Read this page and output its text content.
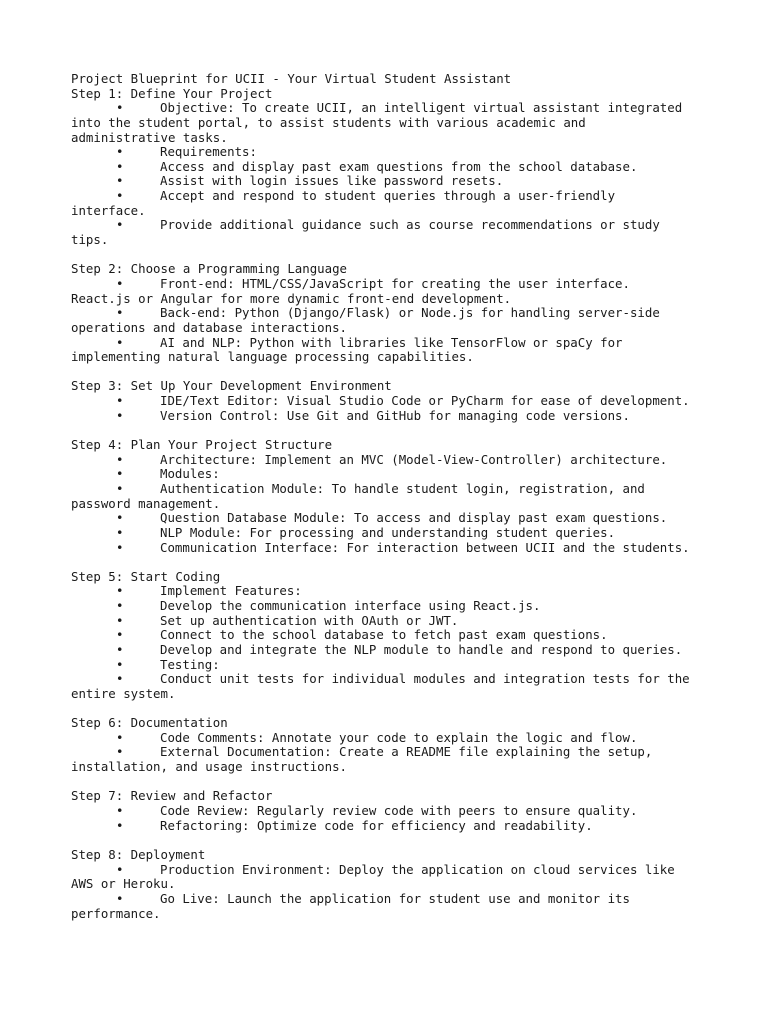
Project Blueprint for UCII - Your Virtual Student Assistant
Step 1: Define Your Project
•	Objective: To create UCII, an intelligent virtual assistant integrated
into the student portal, to assist students with various academic and
administrative tasks.
•	Requirements:
•	Access and display past exam questions from the school database.
•	Assist with login issues like password resets.
•	Accept and respond to student queries through a user-friendly
interface.
•	Provide additional guidance such as course recommendations or study
tips.
Step 2: Choose a Programming Language
•	Front-end: HTML/CSS/JavaScript for creating the user interface.
React.js or Angular for more dynamic front-end development.
•	Back-end: Python (Django/Flask) or Node.js for handling server-side
operations and database interactions.
•	AI and NLP: Python with libraries like TensorFlow or spaCy for
implementing natural language processing capabilities.
Step 3: Set Up Your Development Environment
•	IDE/Text Editor: Visual Studio Code or PyCharm for ease of development.
•	Version Control: Use Git and GitHub for managing code versions.
Step 4: Plan Your Project Structure
•	Architecture: Implement an MVC (Model-View-Controller) architecture.
•	Modules:
•	Authentication Module: To handle student login, registration, and
password management.
•	Question Database Module: To access and display past exam questions.
•	NLP Module: For processing and understanding student queries.
•	Communication Interface: For interaction between UCII and the students.
Step 5: Start Coding
•	Implement Features:
•	Develop the communication interface using React.js.
•	Set up authentication with OAuth or JWT.
•	Connect to the school database to fetch past exam questions.
•	Develop and integrate the NLP module to handle and respond to queries.
•	Testing:
•	Conduct unit tests for individual modules and integration tests for the
entire system.
Step 6: Documentation
•	Code Comments: Annotate your code to explain the logic and flow.
•	External Documentation: Create a README file explaining the setup,
installation, and usage instructions.
Step 7: Review and Refactor
•	Code Review: Regularly review code with peers to ensure quality.
•	Refactoring: Optimize code for efficiency and readability.
Step 8: Deployment
•	Production Environment: Deploy the application on cloud services like
AWS or Heroku.
•	Go Live: Launch the application for student use and monitor its
performance.
